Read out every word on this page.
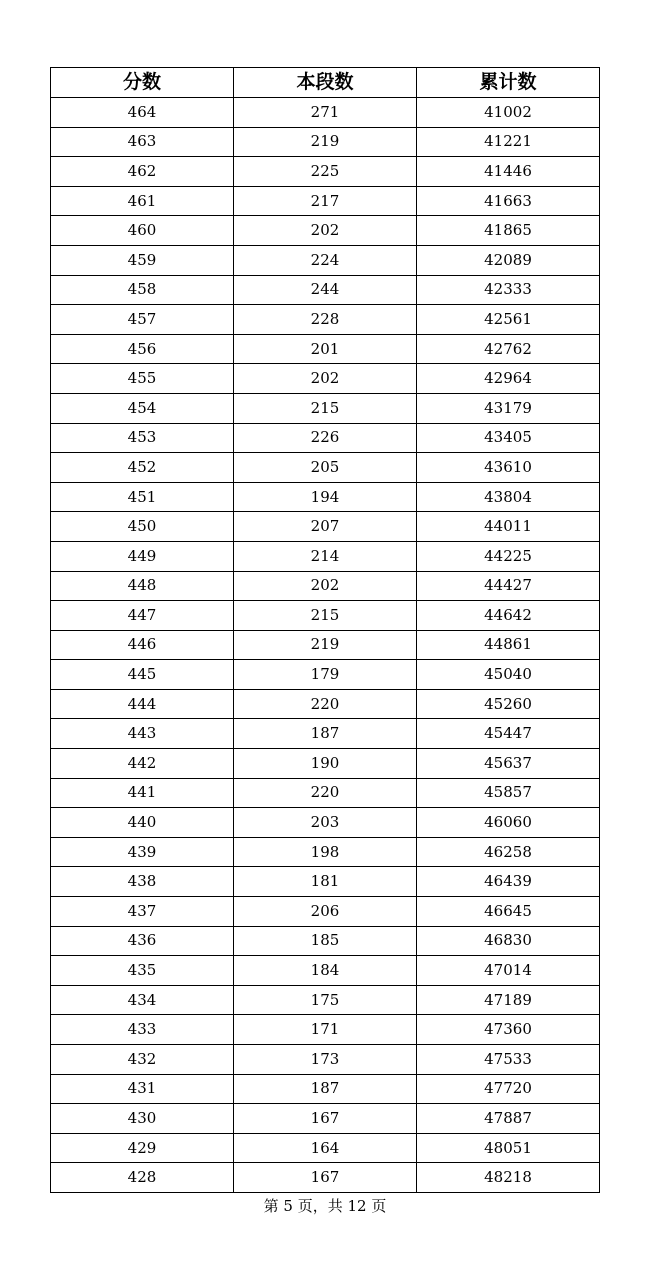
分数	本段数	累计数
464	271	41002
463	219	41221
462	225	41446
461	217	41663
460	202	41865
459	224	42089
458	244	42333
457	228	42561
456	201	42762
455	202	42964
454	215	43179
453	226	43405
452	205	43610
451	194	43804
450	207	44011
449	214	44225
448	202	44427
447	215	44642
446	219	44861
445	179	45040
444	220	45260
443	187	45447
442	190	45637
441	220	45857
440	203	46060
439	198	46258
438	181	46439
437	206	46645
436	185	46830
435	184	47014
434	175	47189
433	171	47360
432	173	47533
431	187	47720
430	167	47887
429	164	48051
428	167	48218
第 5 页，共 12 页
